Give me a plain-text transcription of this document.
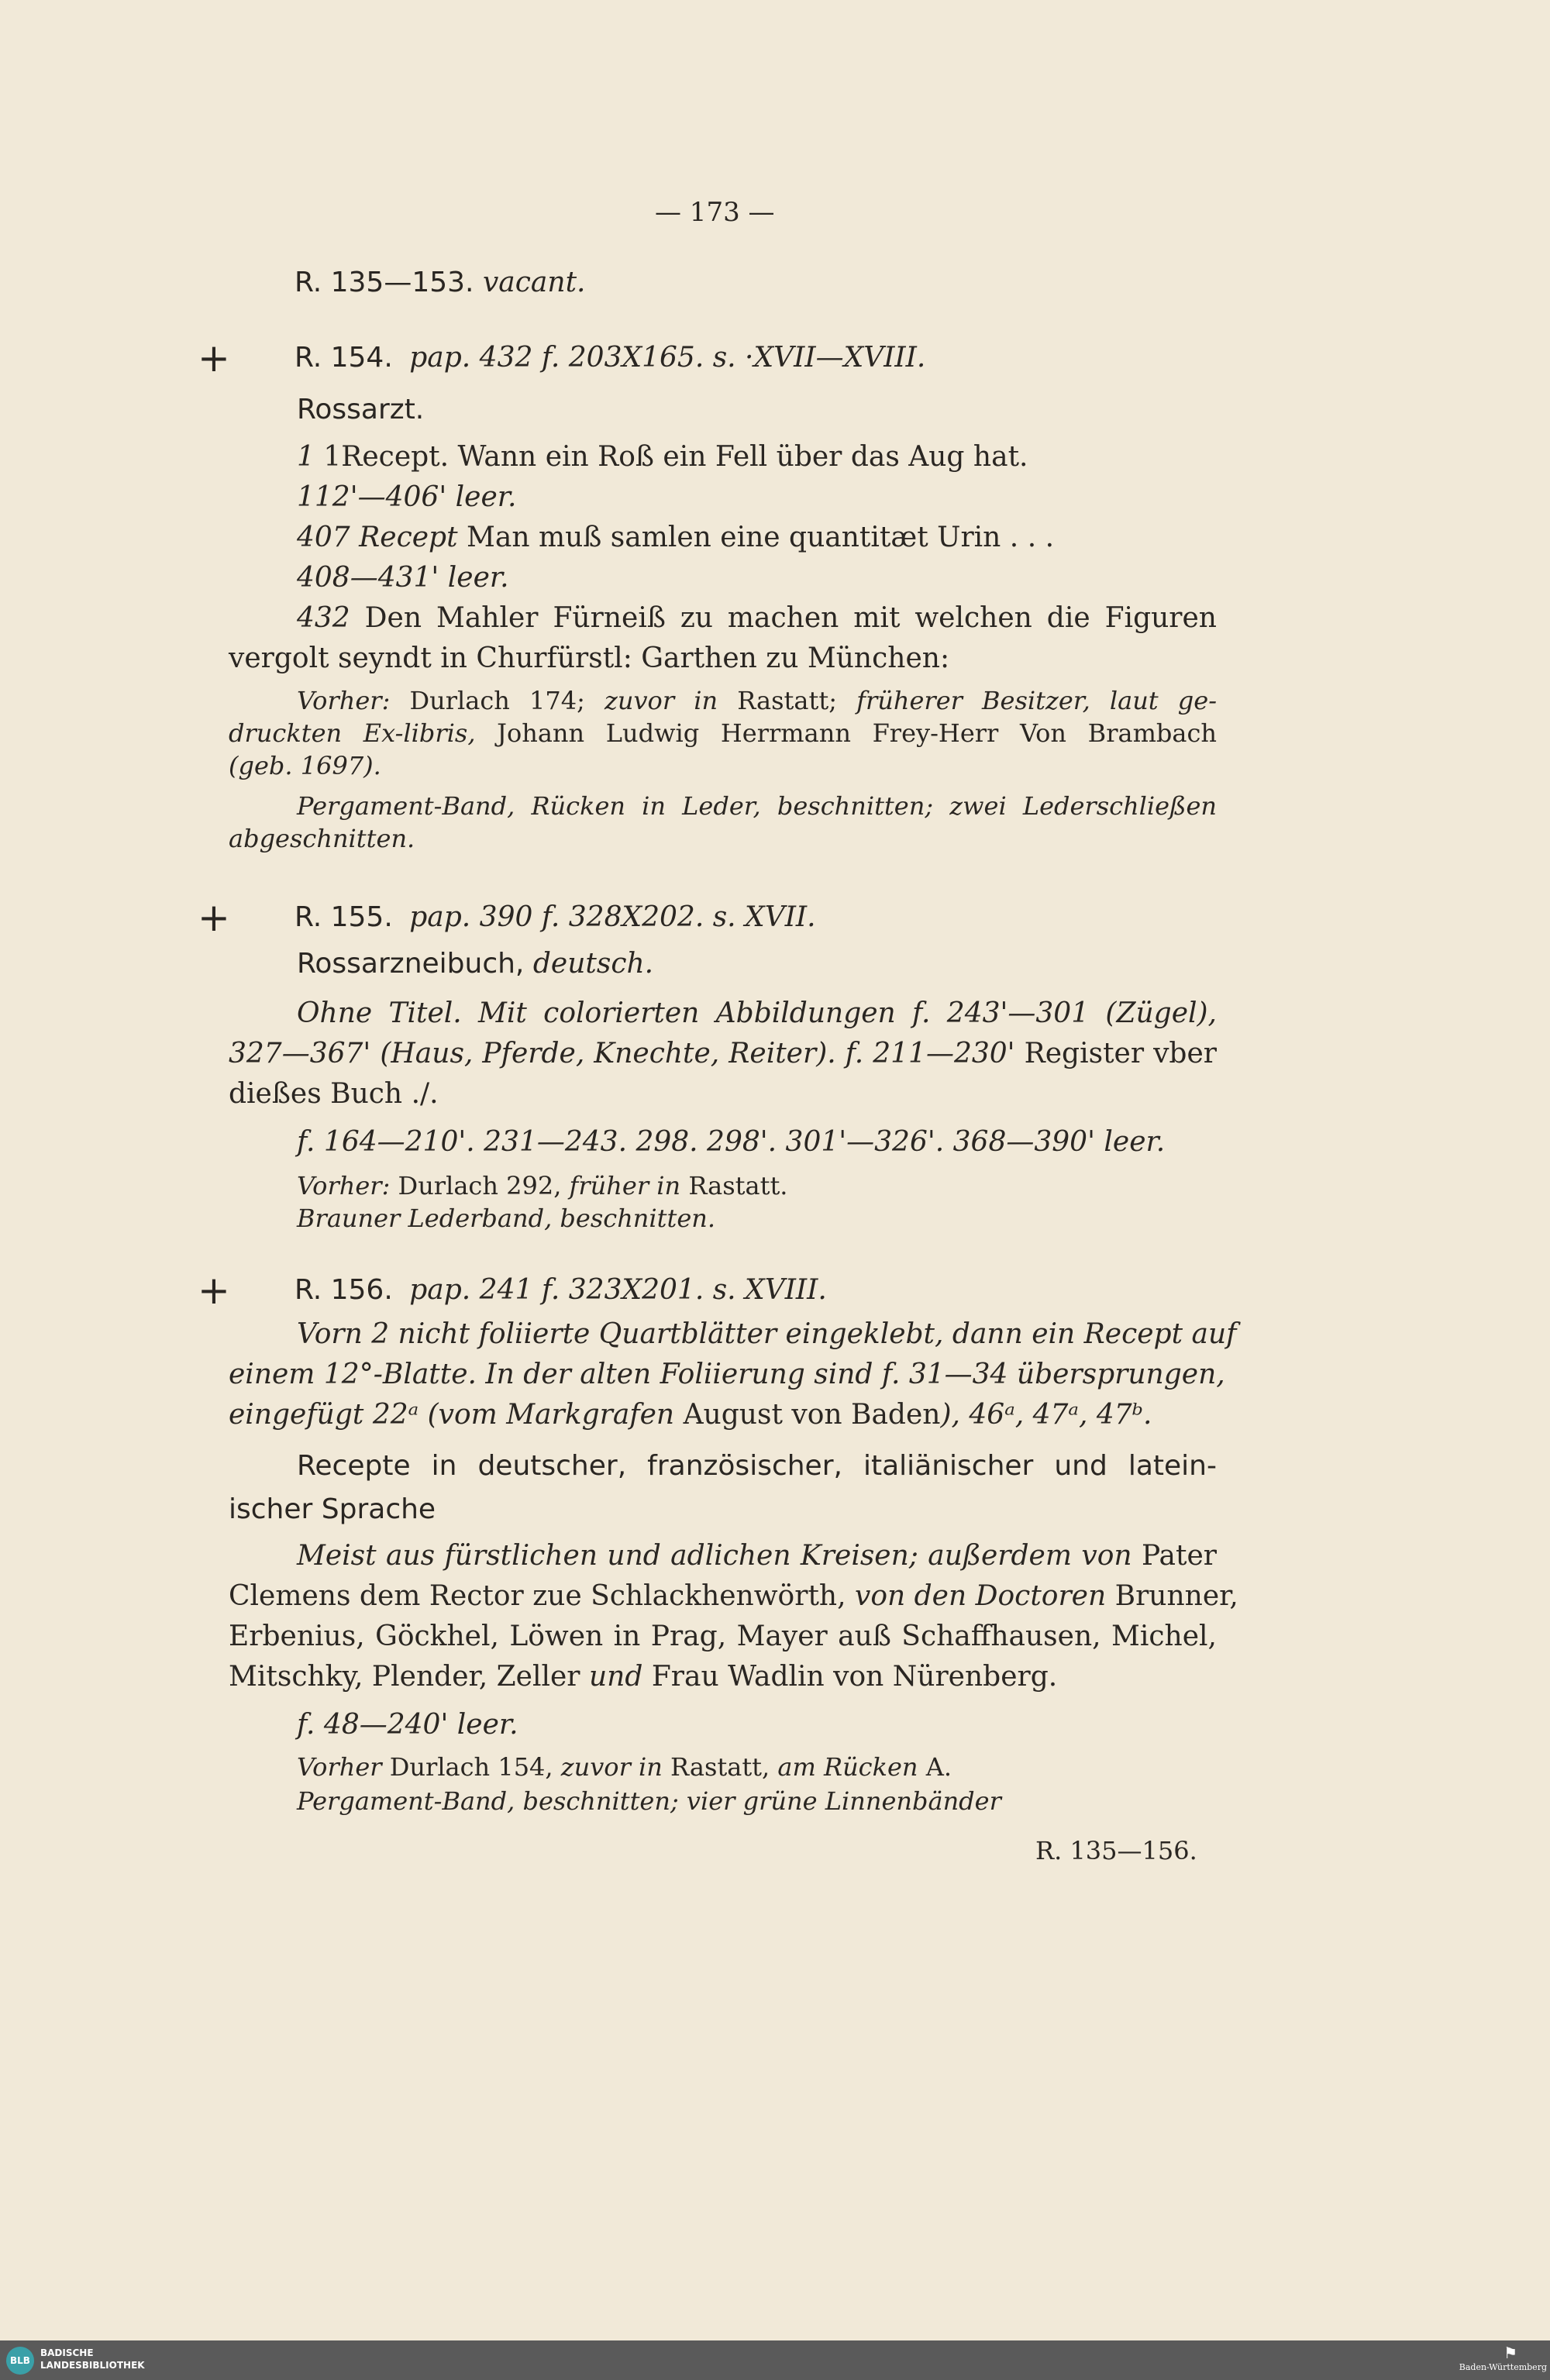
— 173 —
R. 135—153. vacant.
+ R. 154. pap. 432 f. 203X165. s. ·XVII—XVIII.
Rossarzt.
1 1Recept. Wann ein Roß ein Fell über das Aug hat.
112'—406' leer.
407 Recept Man muß samlen eine quantitæt Urin . . .
408—431' leer.
432 Den Mahler Fürneiß zu machen mit welchen die Figuren
vergolt seyndt in Churfürstl: Garthen zu München:
Vorher: Durlach 174; zuvor in Rastatt; früherer Besitzer, laut ge-
druckten Ex-libris, Johann Ludwig Herrmann Frey-Herr Von Brambach
(geb. 1697).
Pergament-Band, Rücken in Leder, beschnitten; zwei Lederschließen
abgeschnitten.
+ R. 155. pap. 390 f. 328X202. s. XVII.
Rossarzneibuch, deutsch.
Ohne Titel. Mit colorierten Abbildungen f. 243'—301 (Zügel),
327—367' (Haus, Pferde, Knechte, Reiter). f. 211—230' Register vber
dießes Buch ./.
f. 164—210'. 231—243. 298. 298'. 301'—326'. 368—390' leer.
Vorher: Durlach 292, früher in Rastatt.
Brauner Lederband, beschnitten.
+ R. 156. pap. 241 f. 323X201. s. XVIII.
Vorn 2 nicht foliierte Quartblätter eingeklebt, dann ein Recept auf
einem 12°-Blatte. In der alten Foliierung sind f. 31—34 übersprungen,
eingefügt 22ᵃ (vom Markgrafen August von Baden), 46ᵃ, 47ᵃ, 47ᵇ.
Recepte in deutscher, französischer, italiänischer und latein-
ischer Sprache
Meist aus fürstlichen und adlichen Kreisen; außerdem von Pater
Clemens dem Rector zue Schlackhenwörth, von den Doctoren Brunner,
Erbenius, Göckhel, Löwen in Prag, Mayer auß Schaffhausen, Michel,
Mitschky, Plender, Zeller und Frau Wadlin von Nürenberg.
f. 48—240' leer.
Vorher Durlach 154, zuvor in Rastatt, am Rücken A.
Pergament-Band, beschnitten; vier grüne Linnenbänder
R. 135—156.
BLB
BADISCHE
LANDESBIBLIOTHEK
⚑
Baden-Württemberg
